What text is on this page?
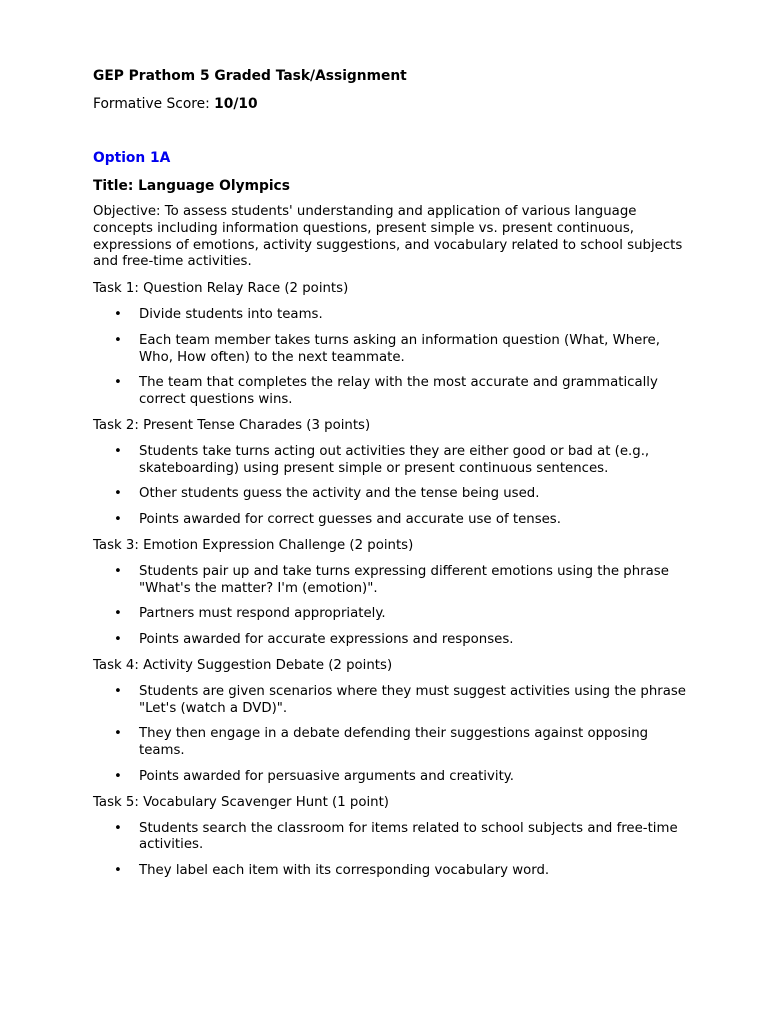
GEP Prathom 5 Graded Task/Assignment
Formative Score: 10/10
Option 1A
Title: Language Olympics
Objective: To assess students' understanding and application of various language concepts including information questions, present simple vs. present continuous, expressions of emotions, activity suggestions, and vocabulary related to school subjects and free-time activities.
Task 1: Question Relay Race (2 points)
• Divide students into teams.
• Each team member takes turns asking an information question (What, Where, Who, How often) to the next teammate.
• The team that completes the relay with the most accurate and grammatically correct questions wins.
Task 2: Present Tense Charades (3 points)
• Students take turns acting out activities they are either good or bad at (e.g., skateboarding) using present simple or present continuous sentences.
• Other students guess the activity and the tense being used.
• Points awarded for correct guesses and accurate use of tenses.
Task 3: Emotion Expression Challenge (2 points)
• Students pair up and take turns expressing different emotions using the phrase "What's the matter? I'm (emotion)".
• Partners must respond appropriately.
• Points awarded for accurate expressions and responses.
Task 4: Activity Suggestion Debate (2 points)
• Students are given scenarios where they must suggest activities using the phrase "Let's (watch a DVD)".
• They then engage in a debate defending their suggestions against opposing teams.
• Points awarded for persuasive arguments and creativity.
Task 5: Vocabulary Scavenger Hunt (1 point)
• Students search the classroom for items related to school subjects and free-time activities.
• They label each item with its corresponding vocabulary word.
